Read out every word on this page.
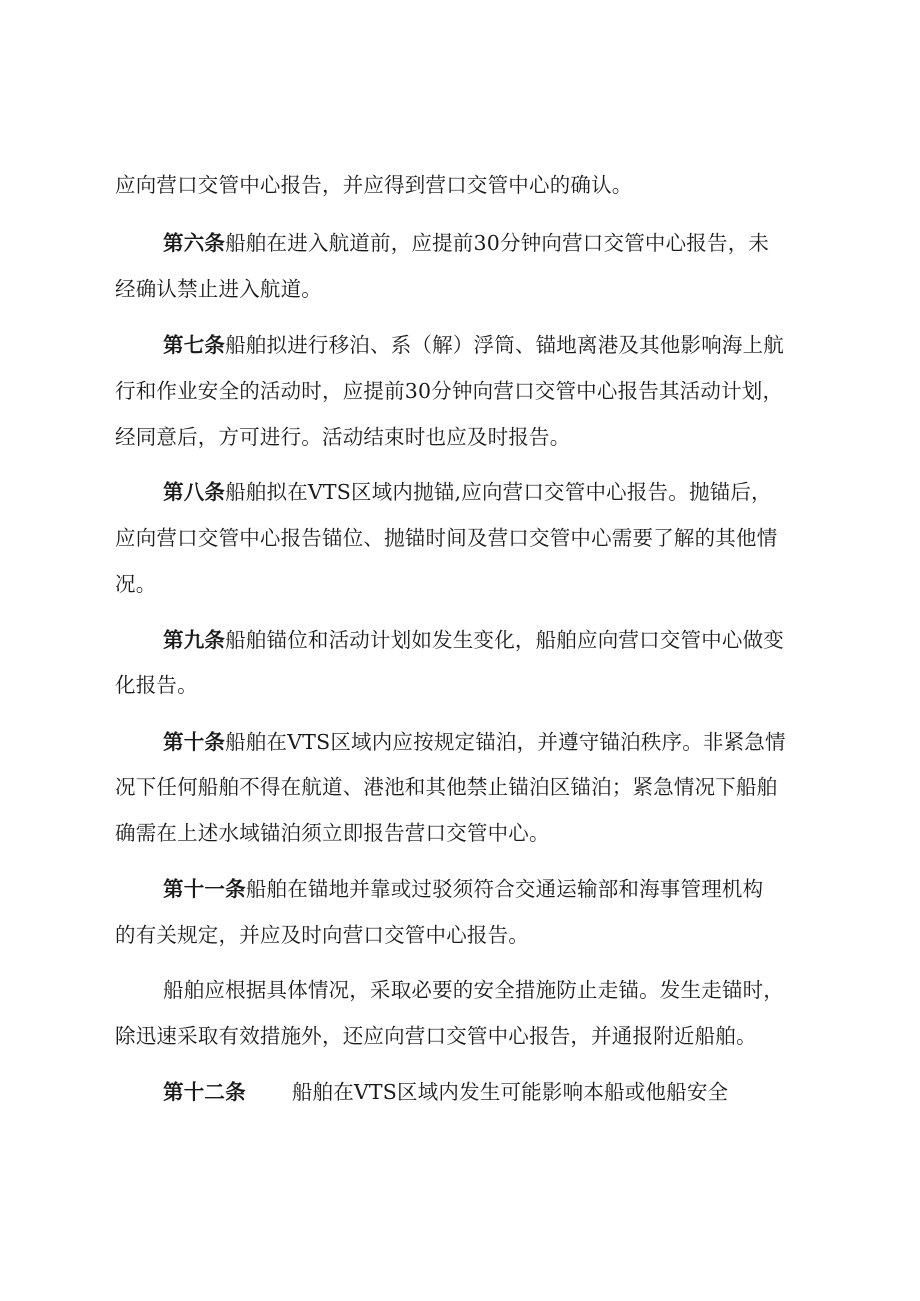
应向营口交管中心报告，并应得到营口交管中心的确认。
第六条船舶在进入航道前，应提前30分钟向营口交管中心报告，未
经确认禁止进入航道。
第七条船舶拟进行移泊、系（解）浮筒、锚地离港及其他影响海上航
行和作业安全的活动时，应提前30分钟向营口交管中心报告其活动计划，
经同意后，方可进行。活动结束时也应及时报告。
第八条船舶拟在VTS区域内抛锚,应向营口交管中心报告。抛锚后，
应向营口交管中心报告锚位、抛锚时间及营口交管中心需要了解的其他情
况。
第九条船舶锚位和活动计划如发生变化，船舶应向营口交管中心做变
化报告。
第十条船舶在VTS区域内应按规定锚泊，并遵守锚泊秩序。非紧急情
况下任何船舶不得在航道、港池和其他禁止锚泊区锚泊；紧急情况下船舶
确需在上述水域锚泊须立即报告营口交管中心。
第十一条船舶在锚地并靠或过驳须符合交通运输部和海事管理机构
的有关规定，并应及时向营口交管中心报告。
船舶应根据具体情况，采取必要的安全措施防止走锚。发生走锚时，
除迅速采取有效措施外，还应向营口交管中心报告，并通报附近船舶。
第十二条 船舶在VTS区域内发生可能影响本船或他船安全
